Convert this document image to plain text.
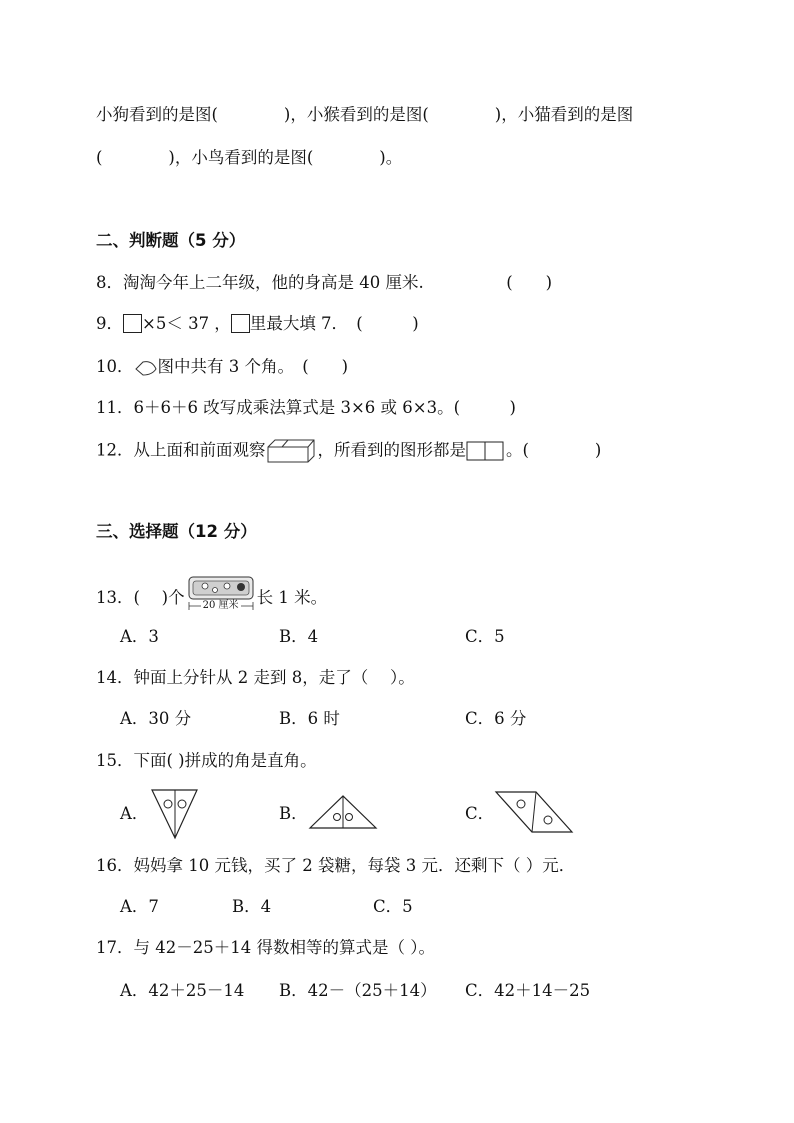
小狗看到的是图(　　　　)，小猴看到的是图(　　　　)，小猫看到的是图
(　　　　)，小鸟看到的是图(　　　　)。
二、判断题（5 分）
8．淘淘今年上二年级，他的身高是 40 厘米.　　　　　(　　)
9． ×5＜ 37 ， 里最大填 7．　(　　　)
10． 图中共有 3 个角。　(　　)
11．6＋6＋6 改写成乘法算式是 3×6 或 6×3。(　　　)
12．从上面和前面观察	，所看到的图形都是 。(　　　　)
三、选择题（12 分）
13．(　 )个 20 厘米 长 1 米。
A．3	B．4	C．5
14．钟面上分针从 2 走到 8，走了（　 ）。
A．30 分	B．6 时	C．6 分
15．下面( )拼成的角是直角。
A．	B．	C．
16．妈妈拿 10 元钱，买了 2 袋糖，每袋 3 元．还剩下（ ）元．
A．7	B．4	C．5
17．与 42－25＋14 得数相等的算式是（ ）。
A．42＋25－14 B．42－（25＋14） C．42＋14－25
